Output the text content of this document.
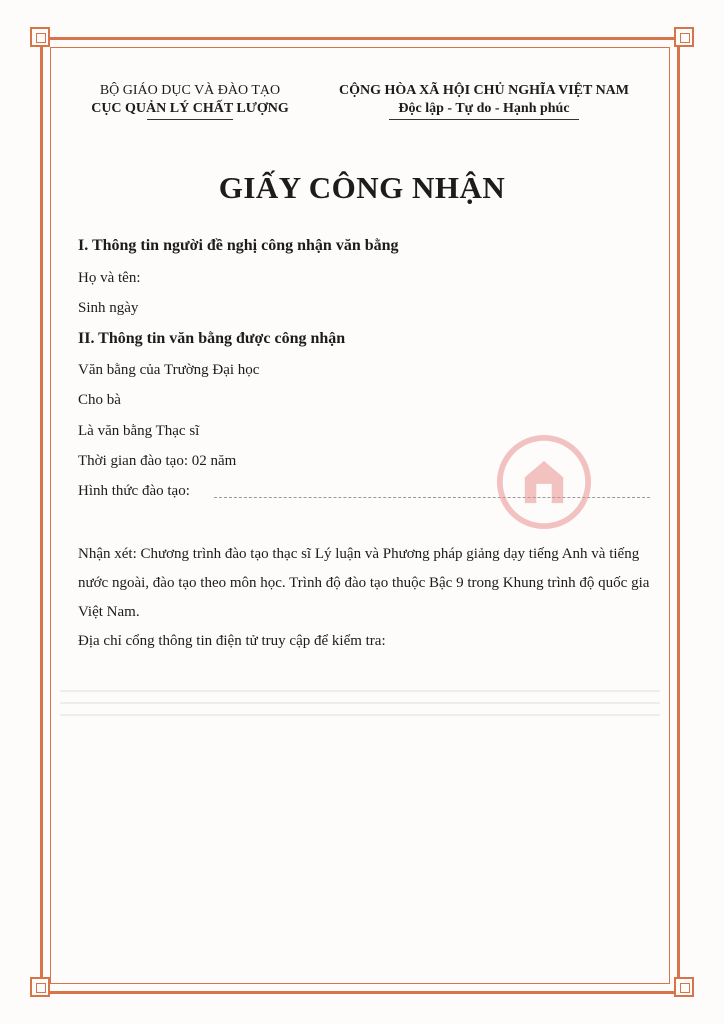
BỘ GIÁO DỤC VÀ ĐÀO TẠO
CỤC QUẢN LÝ CHẤT LƯỢNG
CỘNG HÒA XÃ HỘI CHỦ NGHĨA VIỆT NAM
Độc lập - Tự do - Hạnh phúc
GIẤY CÔNG NHẬN
I. Thông tin người đề nghị công nhận văn bằng
Họ và tên:
Sinh ngày
II. Thông tin văn bằng được công nhận
Văn bằng của Trường Đại học
Cho bà
Là văn bằng Thạc sĩ
Thời gian đào tạo: 02 năm
Hình thức đào tạo:
Nhận xét: Chương trình đào tạo thạc sĩ Lý luận và Phương pháp giảng dạy tiếng Anh và tiếng nước ngoài, đào tạo theo môn học. Trình độ đào tạo thuộc Bậc 9 trong Khung trình độ quốc gia Việt Nam.
Địa chỉ cổng thông tin điện tử truy cập để kiểm tra:
